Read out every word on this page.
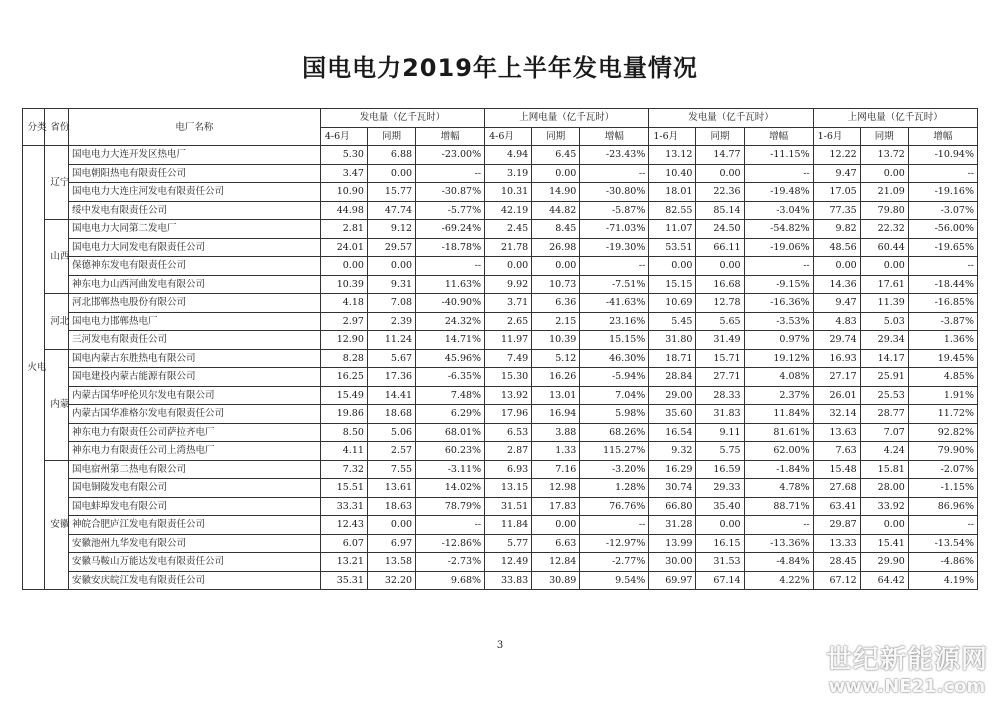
国电电力2019年上半年发电量情况
分类	省份	电厂名称	发电量（亿千瓦时）			上网电量（亿千瓦时）			发电量（亿千瓦时）			上网电量（亿千瓦时）		
			4-6月	同期	增幅	4-6月	同期	增幅	1-6月	同期	增幅	1-6月	同期	增幅

火电	辽宁	国电电力大连开发区热电厂	5.30	6.88	-23.00%	4.94	6.45	-23.43%	13.12	14.77	-11.15%	12.22	13.72	-10.94%
		国电朝阳热电有限责任公司	3.47	0.00	--	3.19	0.00	--	10.40	0.00	--	9.47	0.00	--
		国电电力大连庄河发电有限责任公司	10.90	15.77	-30.87%	10.31	14.90	-30.80%	18.01	22.36	-19.48%	17.05	21.09	-19.16%
		绥中发电有限责任公司	44.98	47.74	-5.77%	42.19	44.82	-5.87%	82.55	85.14	-3.04%	77.35	79.80	-3.07%

	山西	国电电力大同第二发电厂	2.81	9.12	-69.24%	2.45	8.45	-71.03%	11.07	24.50	-54.82%	9.82	22.32	-56.00%
		国电电力大同发电有限责任公司	24.01	29.57	-18.78%	21.78	26.98	-19.30%	53.51	66.11	-19.06%	48.56	60.44	-19.65%
		保德神东发电有限责任公司	0.00	0.00	--	0.00	0.00	--	0.00	0.00	--	0.00	0.00	--
		神东电力山西河曲发电有限公司	10.39	9.31	11.63%	9.92	10.73	-7.51%	15.15	16.68	-9.15%	14.36	17.61	-18.44%

	河北	河北邯郸热电股份有限公司	4.18	7.08	-40.90%	3.71	6.36	-41.63%	10.69	12.78	-16.36%	9.47	11.39	-16.85%
		国电电力邯郸热电厂	2.97	2.39	24.32%	2.65	2.15	23.16%	5.45	5.65	-3.53%	4.83	5.03	-3.87%
		三河发电有限责任公司	12.90	11.24	14.71%	11.97	10.39	15.15%	31.80	31.49	0.97%	29.74	29.34	1.36%

	内蒙	国电内蒙古东胜热电有限公司	8.28	5.67	45.96%	7.49	5.12	46.30%	18.71	15.71	19.12%	16.93	14.17	19.45%
		国电建投内蒙古能源有限公司	16.25	17.36	-6.35%	15.30	16.26	-5.94%	28.84	27.71	4.08%	27.17	25.91	4.85%
		内蒙古国华呼伦贝尔发电有限公司	15.49	14.41	7.48%	13.92	13.01	7.04%	29.00	28.33	2.37%	26.01	25.53	1.91%
		内蒙古国华准格尔发电有限责任公司	19.86	18.68	6.29%	17.96	16.94	5.98%	35.60	31.83	11.84%	32.14	28.77	11.72%
		神东电力有限责任公司萨拉齐电厂	8.50	5.06	68.01%	6.53	3.88	68.26%	16.54	9.11	81.61%	13.63	7.07	92.82%
		神东电力有限责任公司上湾热电厂	4.11	2.57	60.23%	2.87	1.33	115.27%	9.32	5.75	62.00%	7.63	4.24	79.90%

	安徽	国电宿州第二热电有限公司	7.32	7.55	-3.11%	6.93	7.16	-3.20%	16.29	16.59	-1.84%	15.48	15.81	-2.07%
		国电铜陵发电有限公司	15.51	13.61	14.02%	13.15	12.98	1.28%	30.74	29.33	4.78%	27.68	28.00	-1.15%
		国电蚌埠发电有限公司	33.31	18.63	78.79%	31.51	17.83	76.76%	66.80	35.40	88.71%	63.41	33.92	86.96%
		神皖合肥庐江发电有限责任公司	12.43	0.00	--	11.84	0.00	--	31.28	0.00	--	29.87	0.00	--
		安徽池州九华发电有限公司	6.07	6.97	-12.86%	5.77	6.63	-12.97%	13.99	16.15	-13.36%	13.33	15.41	-13.54%
		安徽马鞍山万能达发电有限责任公司	13.21	13.58	-2.73%	12.49	12.84	-2.77%	30.00	31.53	-4.84%	28.45	29.90	-4.86%
		安徽安庆皖江发电有限责任公司	35.31	32.20	9.68%	33.83	30.89	9.54%	69.97	67.14	4.22%	67.12	64.42	4.19%
3	世纪新能源网
www.NE21.com
